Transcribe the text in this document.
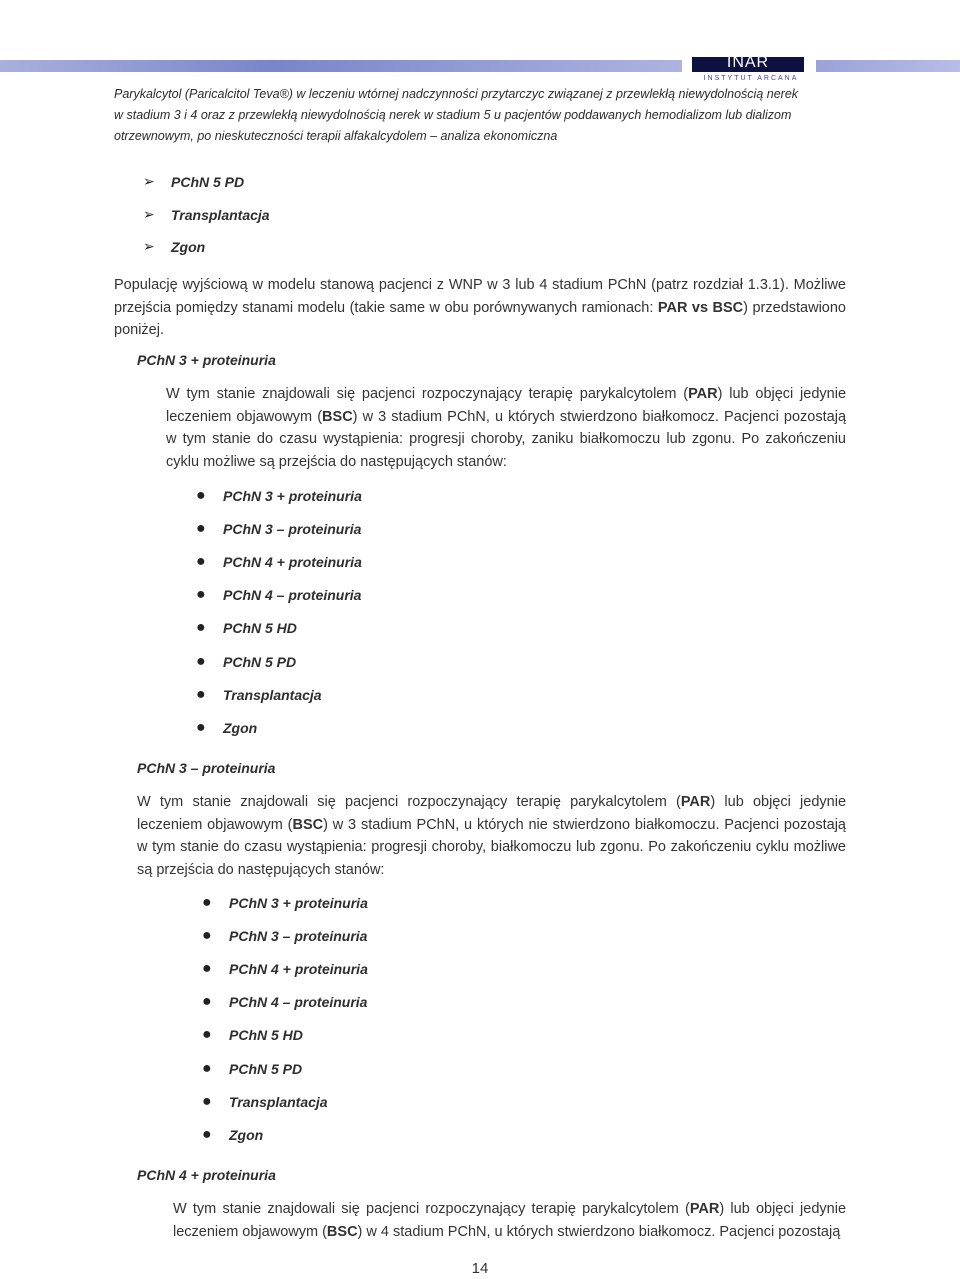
INAR
INSTYTUT ARCANA
Parykalcytol (Paricalcitol Teva®) w leczeniu wtórnej nadczynności przytarczyc związanej z przewlekłą niewydolnością nerek
w stadium 3 i 4 oraz z przewlekłą niewydolnością nerek w stadium 5 u pacjentów poddawanych hemodializom lub dializom
otrzewnowym, po nieskuteczności terapii alfakalcydolem – analiza ekonomiczna
➢	PChN 5 PD
➢	Transplantacja
➢	Zgon
Populację wyjściową w modelu stanową pacjenci z WNP w 3 lub 4 stadium PChN (patrz rozdział 1.3.1). Możliwe przejścia pomiędzy stanami modelu (takie same w obu porównywanych ramionach: PAR vs BSC) przedstawiono poniżej.
PChN 3 + proteinuria
W tym stanie znajdowali się pacjenci rozpoczynający terapię parykalcytolem (PAR) lub objęci jedynie leczeniem objawowym (BSC) w 3 stadium PChN, u których stwierdzono białkomocz. Pacjenci pozostają w tym stanie do czasu wystąpienia: progresji choroby, zaniku białkomoczu lub zgonu. Po zakończeniu cyklu możliwe są przejścia do następujących stanów:
●	PChN 3 + proteinuria
●	PChN 3 – proteinuria
●	PChN 4 + proteinuria
●	PChN 4 – proteinuria
●	PChN 5 HD
●	PChN 5 PD
●	Transplantacja
●	Zgon
PChN 3 – proteinuria
W tym stanie znajdowali się pacjenci rozpoczynający terapię parykalcytolem (PAR) lub objęci jedynie leczeniem objawowym (BSC) w 3 stadium PChN, u których nie stwierdzono białkomoczu. Pacjenci pozostają w tym stanie do czasu wystąpienia: progresji choroby, białkomoczu lub zgonu. Po zakończeniu cyklu możliwe są przejścia do następujących stanów:
●	PChN 3 + proteinuria
●	PChN 3 – proteinuria
●	PChN 4 + proteinuria
●	PChN 4 – proteinuria
●	PChN 5 HD
●	PChN 5 PD
●	Transplantacja
●	Zgon
PChN 4 + proteinuria
W tym stanie znajdowali się pacjenci rozpoczynający terapię parykalcytolem (PAR) lub objęci jedynie leczeniem objawowym (BSC) w 4 stadium PChN, u których stwierdzono białkomocz. Pacjenci pozostają
14
